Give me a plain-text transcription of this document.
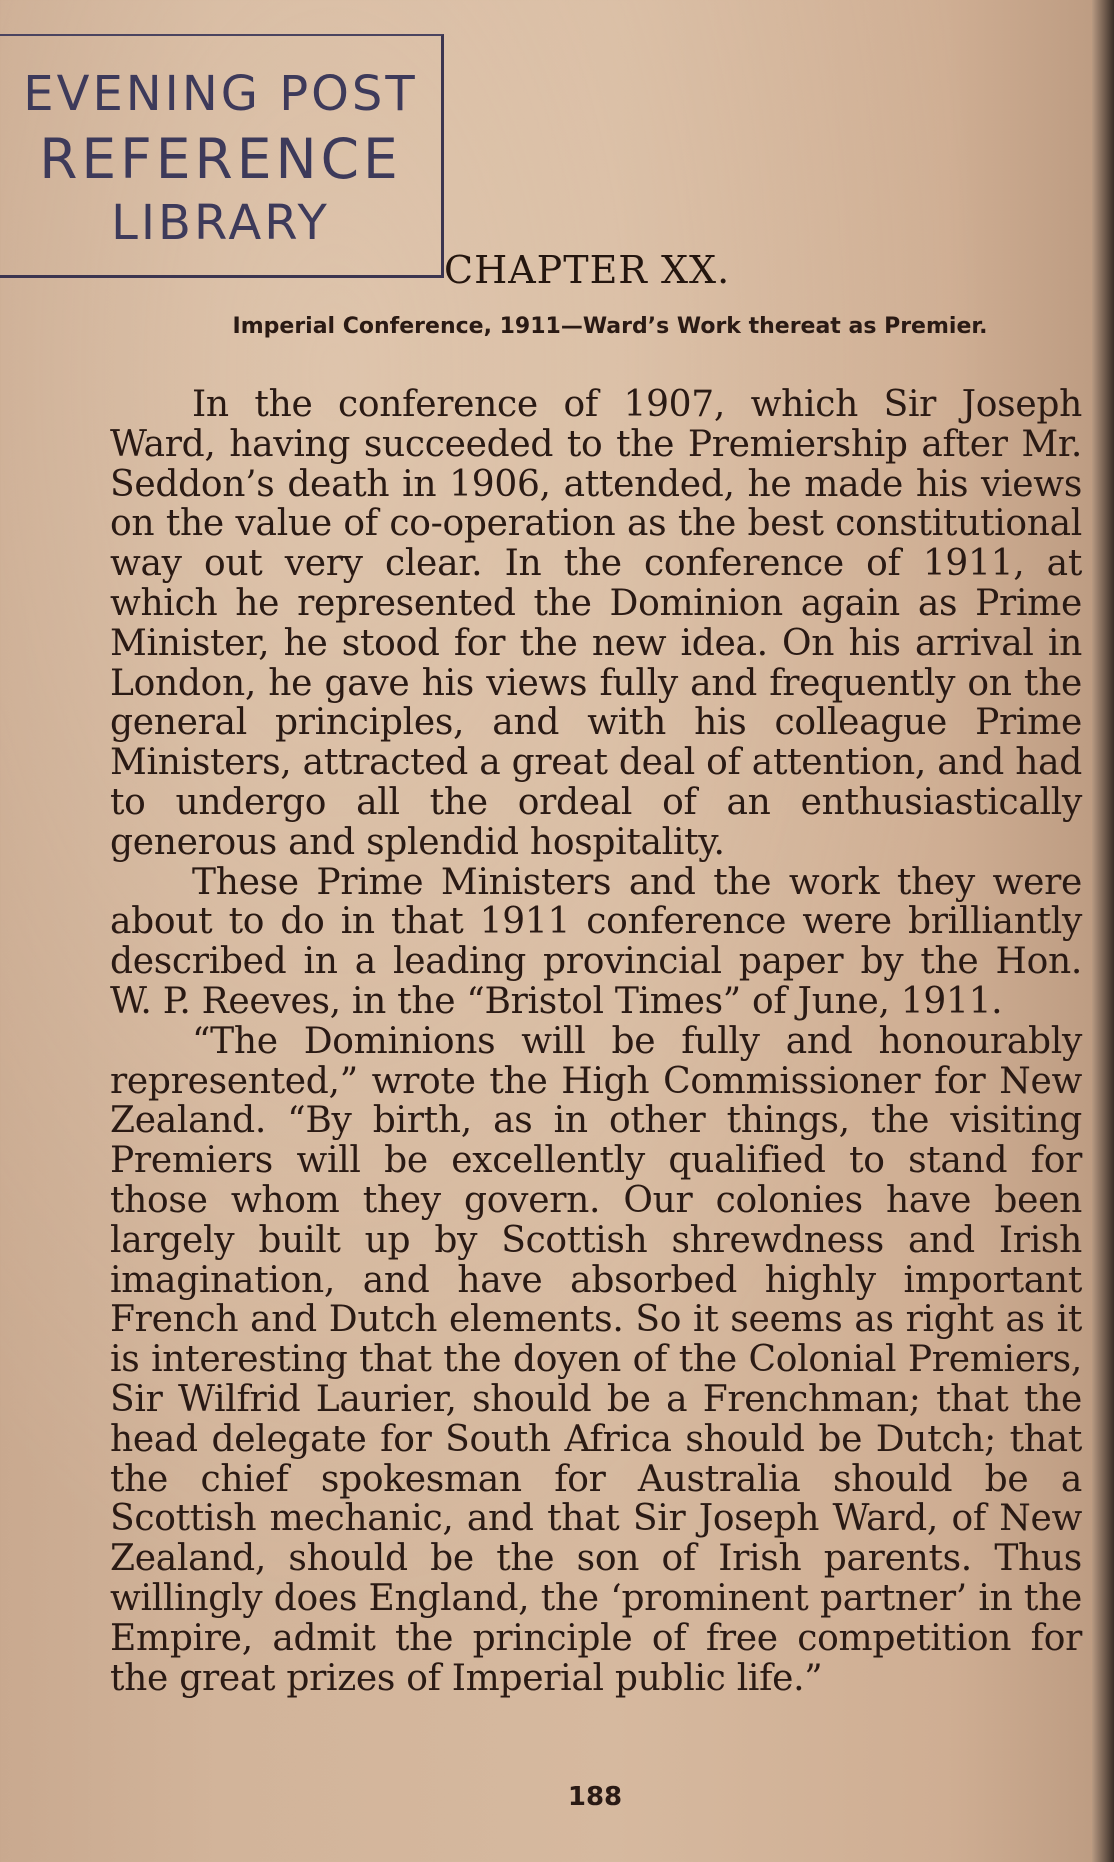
EVENING POST
REFERENCE
LIBRARY
CHAPTER XX.
Imperial Conference, 1911—Ward’s Work thereat as Premier.

In the conference of 1907, which Sir Joseph Ward, having succeeded to the Premiership after Mr. Seddon’s death in 1906, attended, he made his views on the value of co-operation as the best constitutional way out very clear. In the conference of 1911, at which he represented the Dominion again as Prime Minister, he stood for the new idea. On his arrival in London, he gave his views fully and frequently on the general principles, and with his colleague Prime Ministers, attracted a great deal of attention, and had to undergo all the ordeal of an enthusiastically generous and splendid hospitality.

These Prime Ministers and the work they were about to do in that 1911 conference were brilliantly described in a leading provincial paper by the Hon. W. P. Reeves, in the “Bristol Times” of June, 1911.

“The Dominions will be fully and honourably represented,” wrote the High Commissioner for New Zealand. “By birth, as in other things, the visiting Premiers will be excellently qualified to stand for those whom they govern. Our colonies have been largely built up by Scottish shrewdness and Irish imagination, and have absorbed highly important French and Dutch elements. So it seems as right as it is interesting that the doyen of the Colonial Premiers, Sir Wilfrid Laurier, should be a Frenchman; that the head delegate for South Africa should be Dutch; that the chief spokesman for Australia should be a Scottish mechanic, and that Sir Joseph Ward, of New Zealand, should be the son of Irish parents. Thus willingly does England, the ‘prominent partner’ in the Empire, admit the principle of free competition for the great prizes of Imperial public life.”

188
